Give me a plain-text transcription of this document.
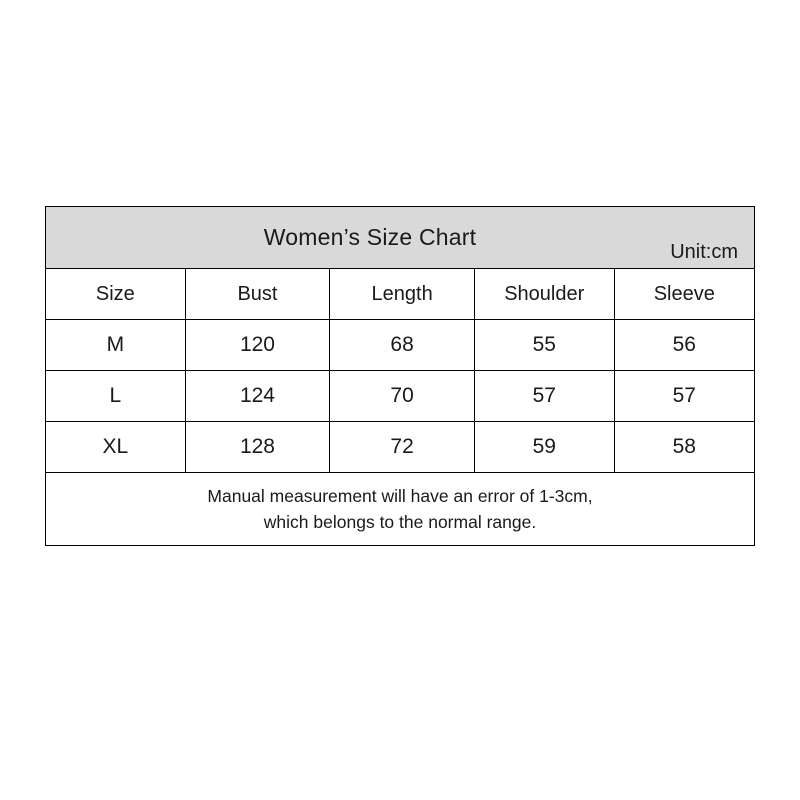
Women’s Size Chart
Unit:cm				

Size	Bust	Length	Shoulder	Sleeve
M	120	68	55	56
L	124	70	57	57
XL	128	72	59	58

Manual measurement will have an error of 1-3cm,
which belongs to the normal range.				
